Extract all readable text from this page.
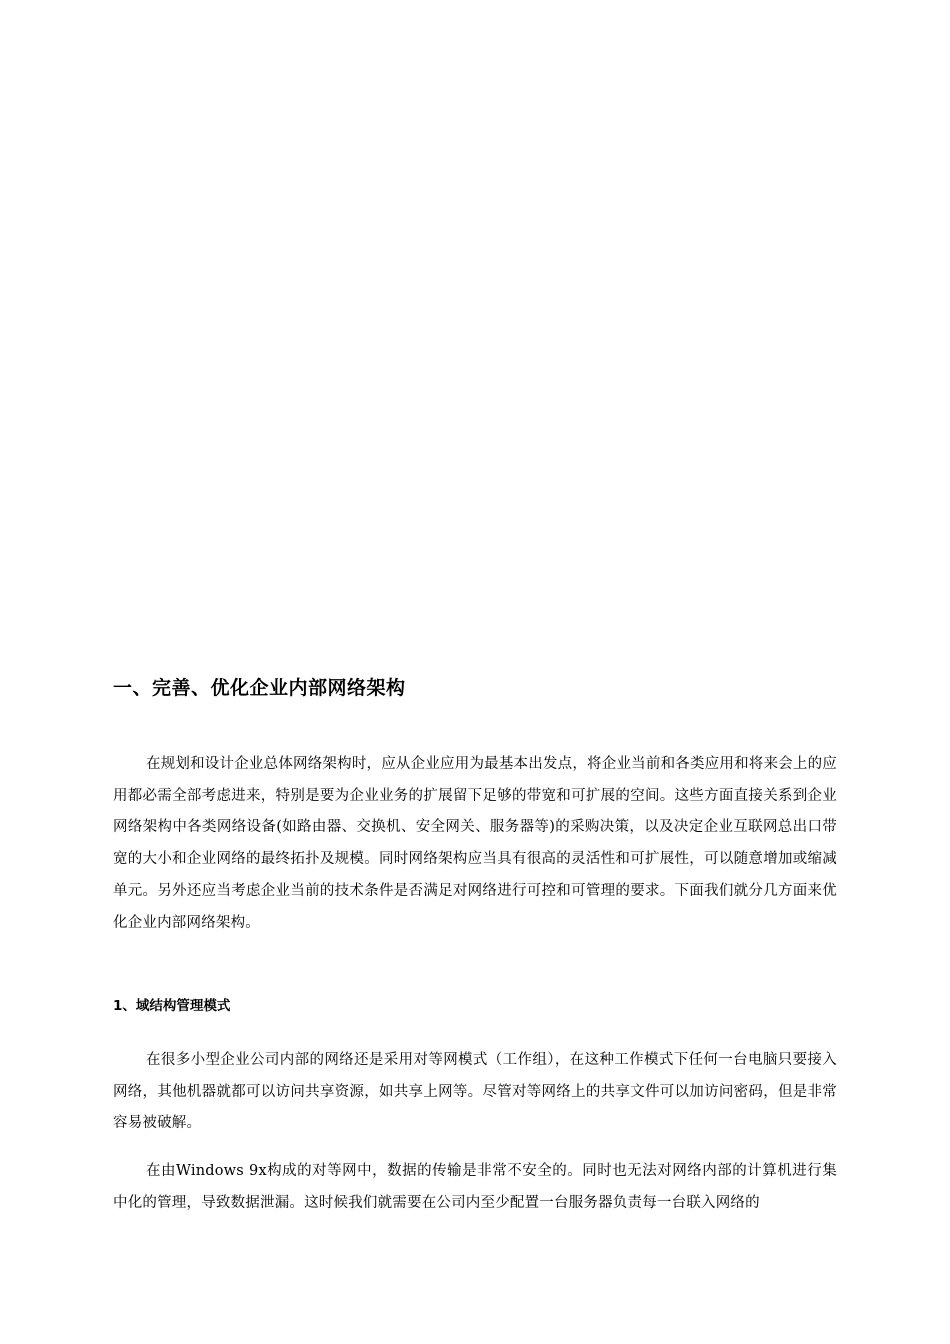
一、完善、优化企业内部网络架构

在规划和设计企业总体网络架构时，应从企业应用为最基本出发点，将企业当前和各类应用和将来会上的应用都必需全部考虑进来，特别是要为企业业务的扩展留下足够的带宽和可扩展的空间。这些方面直接关系到企业网络架构中各类网络设备(如路由器、交换机、安全网关、服务器等)的采购决策，以及决定企业互联网总出口带宽的大小和企业网络的最终拓扑及规模。同时网络架构应当具有很高的灵活性和可扩展性，可以随意增加或缩减单元。另外还应当考虑企业当前的技术条件是否满足对网络进行可控和可管理的要求。下面我们就分几方面来优化企业内部网络架构。

1、域结构管理模式

在很多小型企业公司内部的网络还是采用对等网模式（工作组），在这种工作模式下任何一台电脑只要接入网络，其他机器就都可以访问共享资源，如共享上网等。尽管对等网络上的共享文件可以加访问密码，但是非常容易被破解。

在由Windows 9x构成的对等网中，数据的传输是非常不安全的。同时也无法对网络内部的计算机进行集中化的管理，导致数据泄漏。这时候我们就需要在公司内至少配置一台服务器负责每一台联入网络的
